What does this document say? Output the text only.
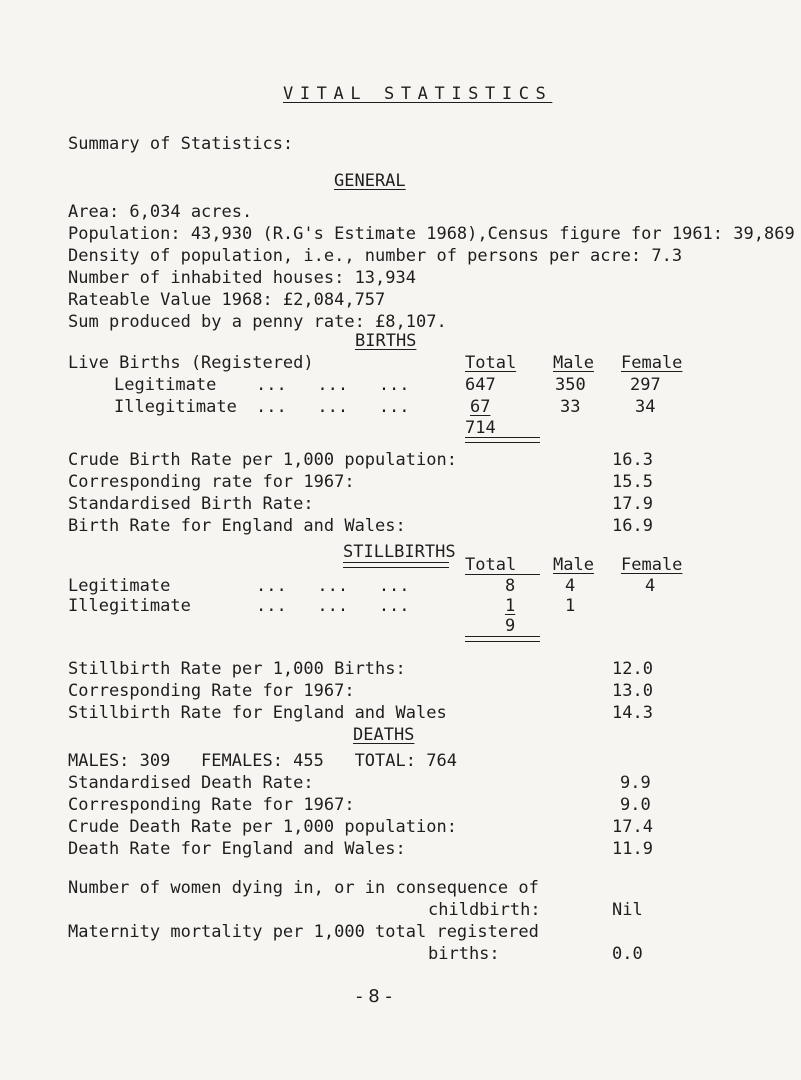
VITAL STATISTICS
Summary of Statistics:
GENERAL
Area: 6,034 acres.
Population: 43,930 (R.G's Estimate 1968),Census figure for 1961: 39,869
Density of population, i.e., number of persons per acre: 7.3
Number of inhabited houses: 13,934
Rateable Value 1968: £2,084,757
Sum produced by a penny rate: £8,107.
BIRTHS
Live Births (Registered)	Total Male Female
Legitimate ...   ...   ...	647	350	297
Illegitimate ...   ...   ...	67	33	34
714
Crude Birth Rate per 1,000 population:	16.3
Corresponding rate for 1967:	15.5
Standardised Birth Rate:	17.9
Birth Rate for England and Wales:	16.9
STILLBIRTHS
Total Male Female
Legitimate	...   ...   ...	8	4	4
Illegitimate	...   ...   ...	1	1
9
Stillbirth Rate per 1,000 Births:	12.0
Corresponding Rate for 1967:	13.0
Stillbirth Rate for England and Wales	14.3
DEATHS
MALES: 309   FEMALES: 455   TOTAL: 764
Standardised Death Rate:	9.9
Corresponding Rate for 1967:	9.0
Crude Death Rate per 1,000 population:	17.4
Death Rate for England and Wales:	11.9
Number of women dying in, or in consequence of
childbirth:	Nil
Maternity mortality per 1,000 total registered
births:	0.0
- 8 -
